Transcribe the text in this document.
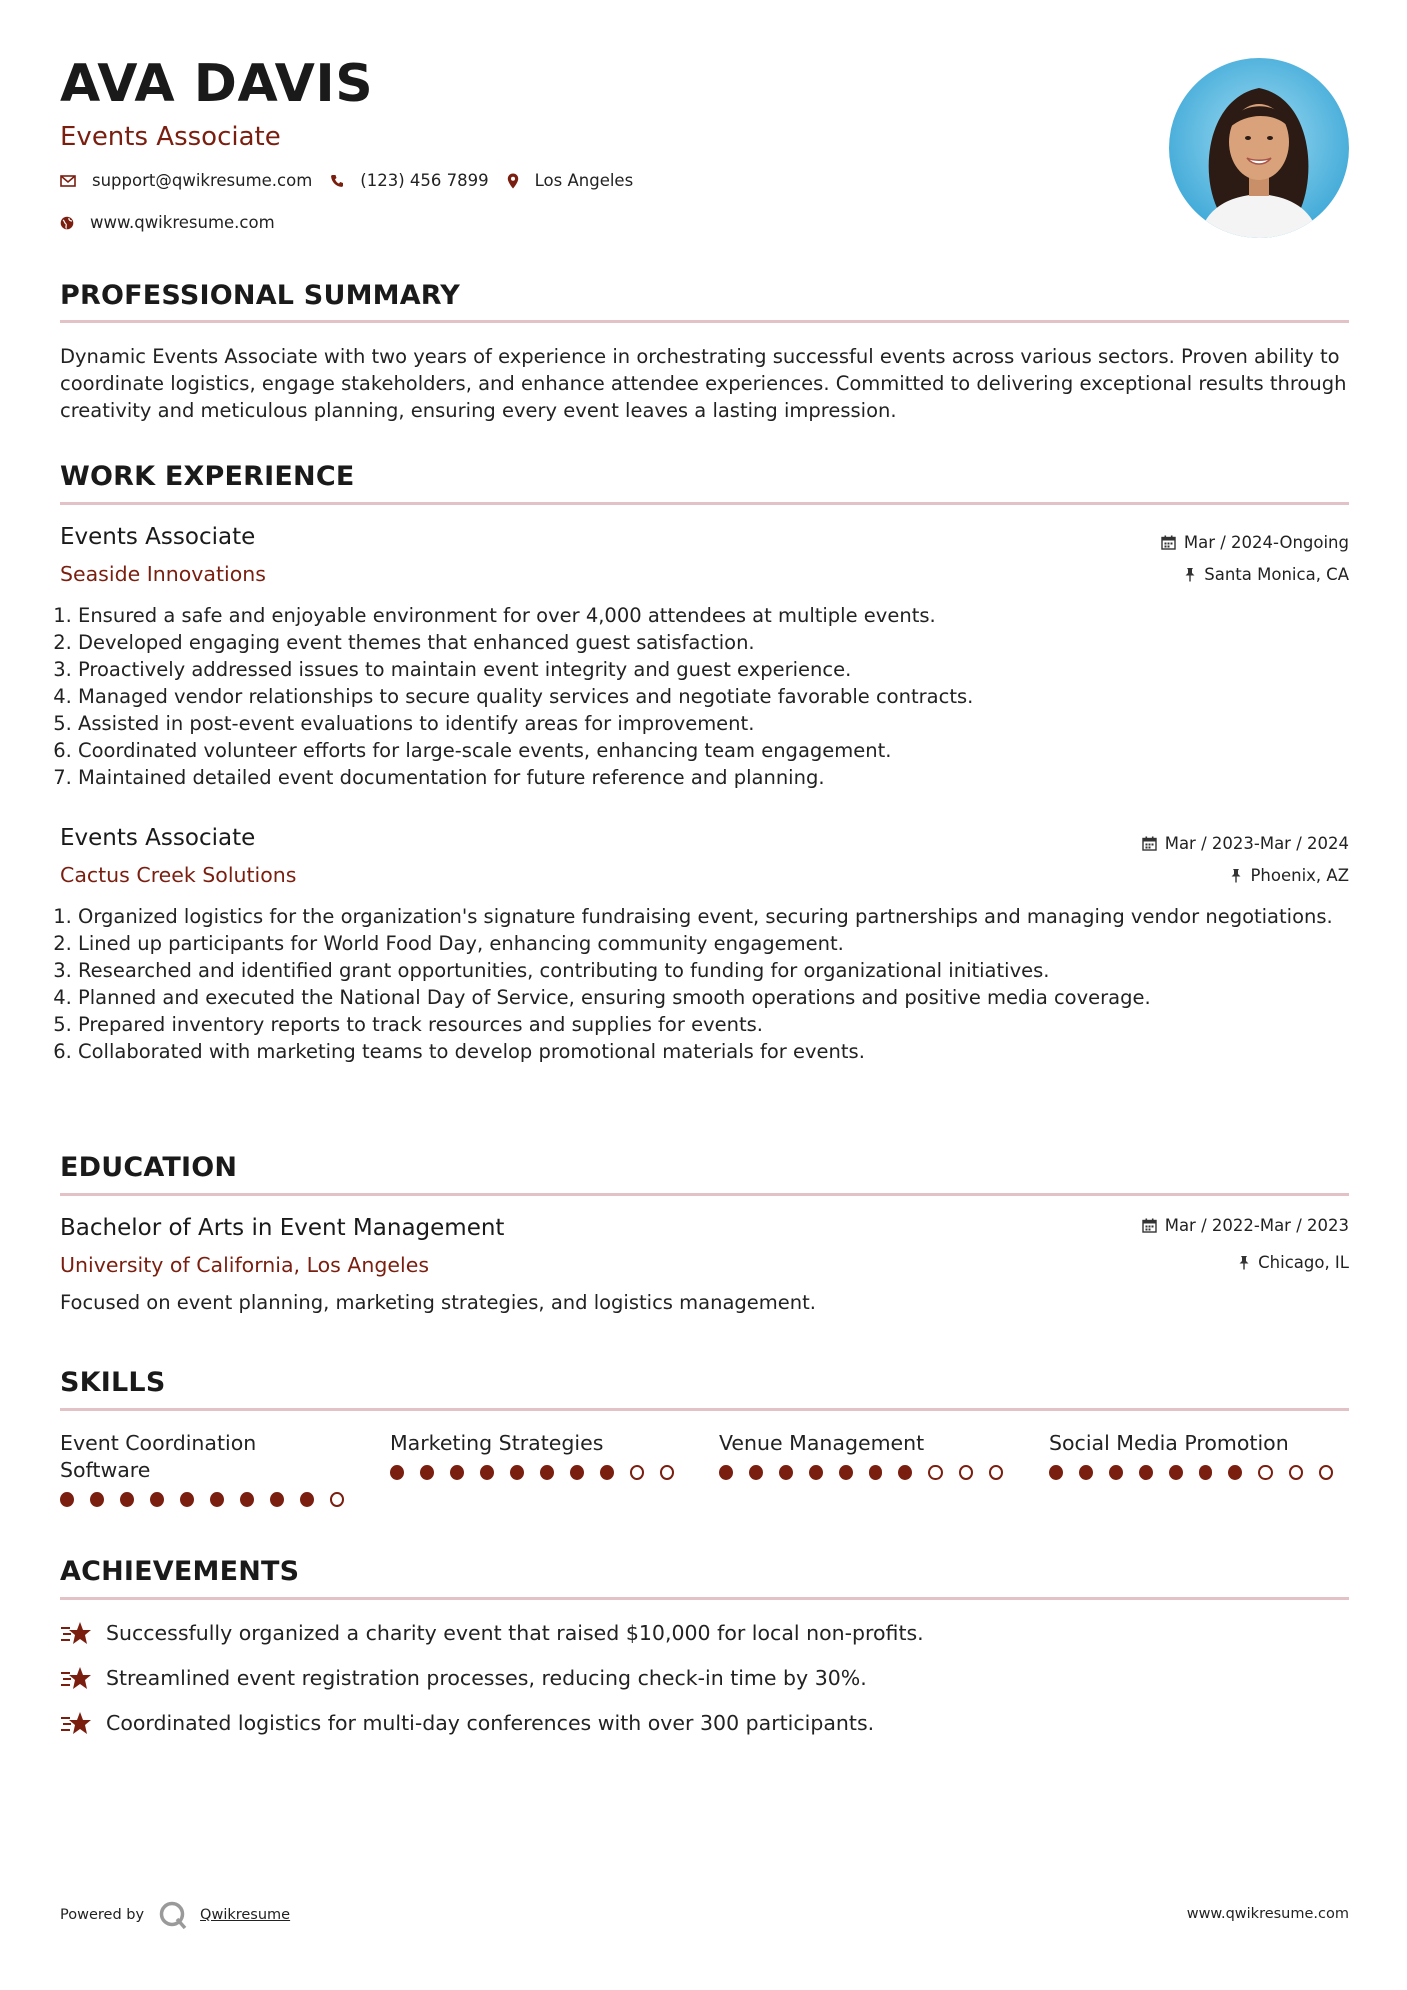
AVA DAVIS
Events Associate
support@qwikresume.com	(123) 456 7899	Los Angeles
www.qwikresume.com
PROFESSIONAL SUMMARY
Dynamic Events Associate with two years of experience in orchestrating successful events across various sectors. Proven ability to coordinate logistics, engage stakeholders, and enhance attendee experiences. Committed to delivering exceptional results through creativity and meticulous planning, ensuring every event leaves a lasting impression.
WORK EXPERIENCE
Events Associate
Seaside Innovations
Mar / 2024-Ongoing
Santa Monica, CA
1. Ensured a safe and enjoyable environment for over 4,000 attendees at multiple events.
2. Developed engaging event themes that enhanced guest satisfaction.
3. Proactively addressed issues to maintain event integrity and guest experience.
4. Managed vendor relationships to secure quality services and negotiate favorable contracts.
5. Assisted in post-event evaluations to identify areas for improvement.
6. Coordinated volunteer efforts for large-scale events, enhancing team engagement.
7. Maintained detailed event documentation for future reference and planning.
Events Associate
Cactus Creek Solutions
Mar / 2023-Mar / 2024
Phoenix, AZ
1. Organized logistics for the organization's signature fundraising event, securing partnerships and managing vendor negotiations.
2. Lined up participants for World Food Day, enhancing community engagement.
3. Researched and identified grant opportunities, contributing to funding for organizational initiatives.
4. Planned and executed the National Day of Service, ensuring smooth operations and positive media coverage.
5. Prepared inventory reports to track resources and supplies for events.
6. Collaborated with marketing teams to develop promotional materials for events.
EDUCATION
Bachelor of Arts in Event Management
University of California, Los Angeles
Mar / 2022-Mar / 2023
Chicago, IL
Focused on event planning, marketing strategies, and logistics management.
SKILLS
Event Coordination Software
Marketing Strategies	Venue Management	Social Media Promotion
ACHIEVEMENTS
Successfully organized a charity event that raised $10,000 for local non-profits.
Streamlined event registration processes, reducing check-in time by 30%.
Coordinated logistics for multi-day conferences with over 300 participants.
Powered by	Qwikresume	www.qwikresume.com
